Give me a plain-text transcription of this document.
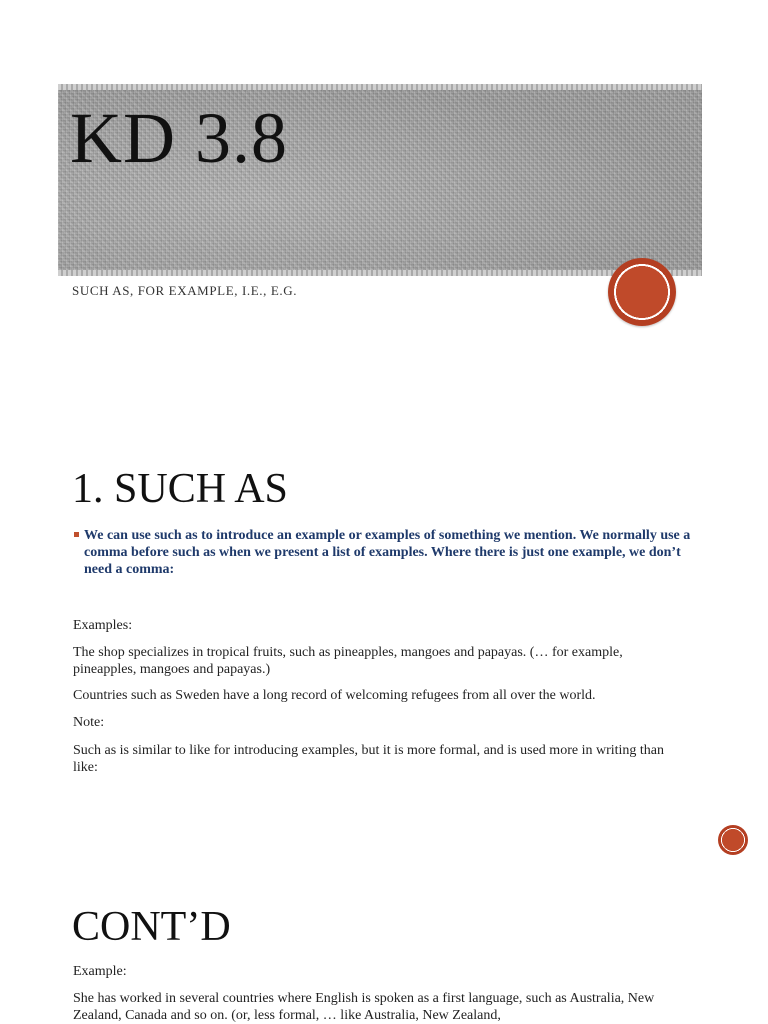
KD 3.8
SUCH AS, FOR EXAMPLE, I.E., E.G.
1. SUCH AS
We can use such as to introduce an example or examples of something we mention. We normally use a comma before such as when we present a list of examples. Where there is just one example, we don’t need a comma:
Examples:
The shop specializes in tropical fruits, such as pineapples, mangoes and papayas. (… for example, pineapples, mangoes and papayas.)
Countries such as Sweden have a long record of welcoming refugees from all over the world.
Note:
Such as is similar to like for introducing examples, but it is more formal, and is used more in writing than like:
CONT’D
Example:
She has worked in several countries where English is spoken as a first language, such as Australia, New Zealand, Canada and so on. (or, less formal, … like Australia, New Zealand,
